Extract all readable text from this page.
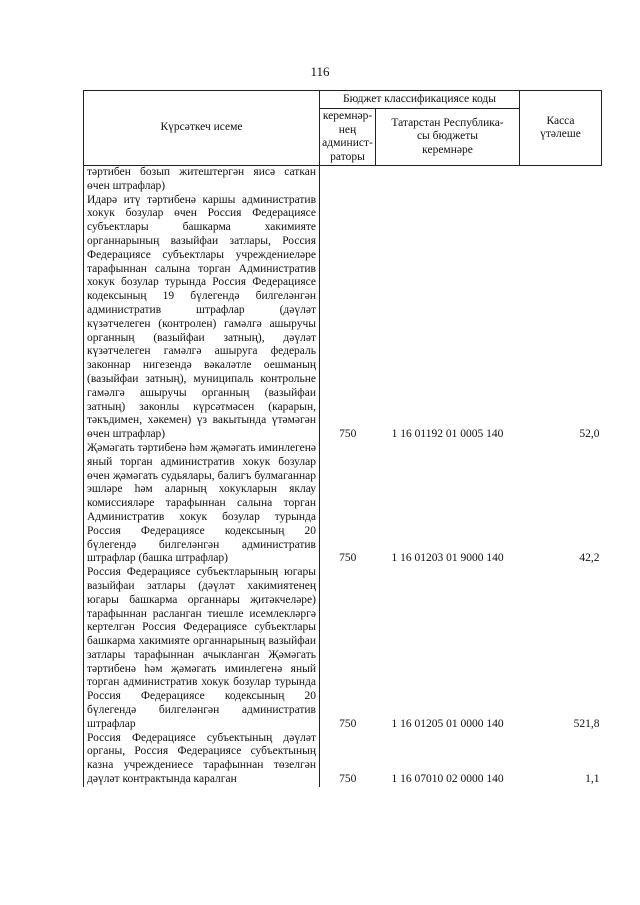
116
Күрсәткеч исеме	Бюджет классификациясе коды		Касса
үтәлеше
	керемнәр-
нең
админист-
раторы	Татарстан Республика-
сы бюджеты
керемнәре	
тәртибен бозып житештергән яисә саткан өчен штрафлар)			
Идарә итү тәртибенә каршы административ хокук бозулар өчен Россия Федерациясе субъектлары башкарма хакимияте органнарының вазыйфаи затлары, Россия Федерациясе субъектлары учреждениеләре тарафыннан салына торган Административ хокук бозулар турында Россия Федерациясе кодексының 19 бүлегендә билгеләнгән административ штрафлар (дәүләт күзәтчелеген (контролен) гамәлгә ашыручы органның (вазыйфаи затның), дәүләт күзәтчелеген гамәлгә ашыруга федераль законнар нигезендә вәкаләтле оешманың (вазыйфаи затның), муниципаль контрольне гамәлгә ашыручы органның (вазыйфаи затның) законлы күрсәтмәсен (карарын, тәкъдимен, хәкемен) үз вакытында үтәмәгән өчен штрафлар)	750	1 16 01192 01 0005 140	52,0
Җәмәгать тәртибенә һәм җәмәгать иминлегенә яный торган административ хокук бозулар өчен җәмәгать судьялары, балигъ булмаганнар эшләре һәм аларның хокукларын яклау комиссияләре тарафыннан салына торган Административ хокук бозулар турында Россия Федерациясе кодексының 20 бүлегендә билгеләнгән административ штрафлар (башка штрафлар)	750	1 16 01203 01 9000 140	42,2
Россия Федерациясе субъектларының югары вазыйфаи затлары (дәүләт хакимиятенең югары башкарма органнары җитәкчеләре) тарафыннан расланган тиешле исемлекләргә кертелгән Россия Федерациясе субъектлары башкарма хакимияте органнарының вазыйфаи затлары тарафыннан ачыкланган Җәмәгать тәртибенә һәм җәмәгать иминлегенә яный торган административ хокук бозулар турында Россия Федерациясе кодексының 20 бүлегендә билгеләнгән административ штрафлар	750	1 16 01205 01 0000 140	521,8
Россия Федерациясе субъектының дәүләт органы, Россия Федерациясе субъектының казна учреждениесе тарафыннан төзелгән дәүләт контрактында каралган	750	1 16 07010 02 0000 140	1,1
